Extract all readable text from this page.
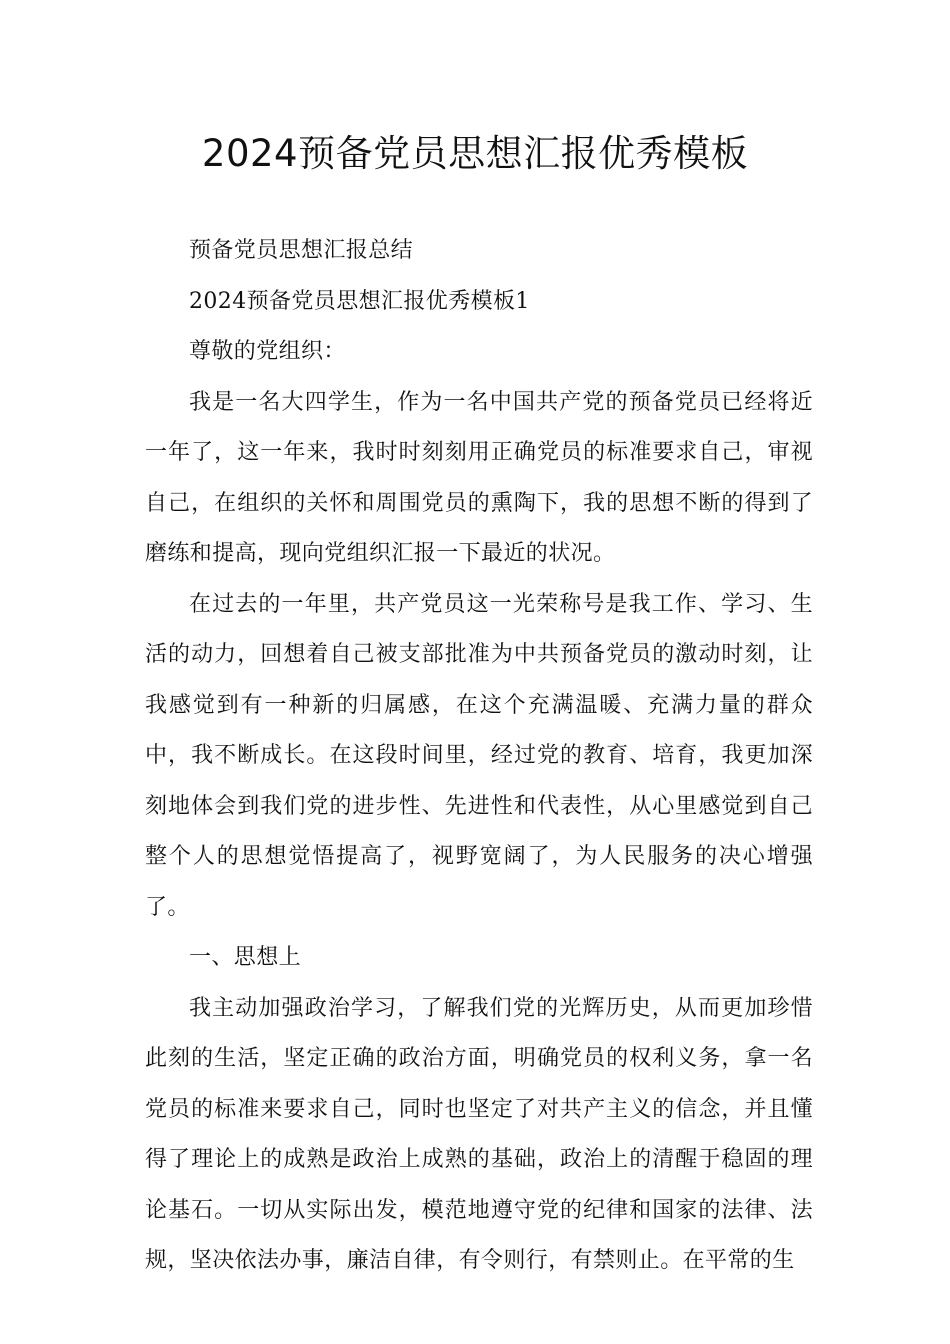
2024预备党员思想汇报优秀模板

预备党员思想汇报总结

2024预备党员思想汇报优秀模板1

尊敬的党组织：

我是一名大四学生，作为一名中国共产党的预备党员已经将近一年了，这一年来，我时时刻刻用正确党员的标准要求自己，审视自己，在组织的关怀和周围党员的熏陶下，我的思想不断的得到了磨练和提高，现向党组织汇报一下最近的状况。

在过去的一年里，共产党员这一光荣称号是我工作、学习、生活的动力，回想着自己被支部批准为中共预备党员的激动时刻，让我感觉到有一种新的归属感，在这个充满温暖、充满力量的群众中，我不断成长。在这段时间里，经过党的教育、培育，我更加深刻地体会到我们党的进步性、先进性和代表性，从心里感觉到自己整个人的思想觉悟提高了，视野宽阔了，为人民服务的决心增强了。

一、思想上

我主动加强政治学习，了解我们党的光辉历史，从而更加珍惜此刻的生活，坚定正确的政治方面，明确党员的权利义务，拿一名党员的标准来要求自己，同时也坚定了对共产主义的信念，并且懂得了理论上的成熟是政治上成熟的基础，政治上的清醒于稳固的理论基石。一切从实际出发，模范地遵守党的纪律和国家的法律、法规，坚决依法办事，廉洁自律，有令则行，有禁则止。在平常的生
